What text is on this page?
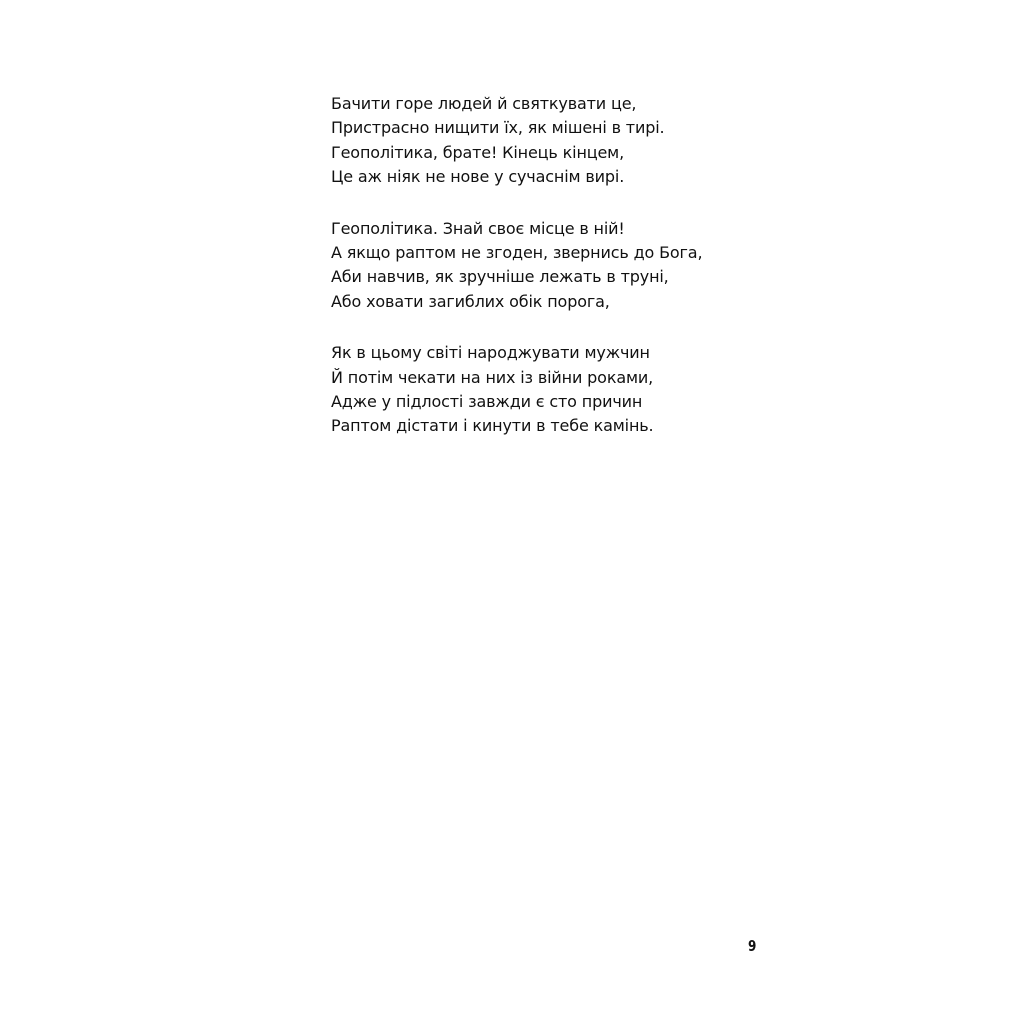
Бачити горе людей й святкувати це,
Пристрасно нищити їх, як мішені в тирі.
Геополітика, брате! Кінець кінцем,
Це аж ніяк не нове у сучаснім вирі.
Геополітика. Знай своє місце в ній!
А якщо раптом не згоден, звернись до Бога,
Аби навчив, як зручніше лежать в труні,
Або ховати загиблих обік порога,
Як в цьому світі народжувати мужчин
Й потім чекати на них із війни роками,
Адже у підлості завжди є сто причин
Раптом дістати і кинути в тебе камінь.
9
